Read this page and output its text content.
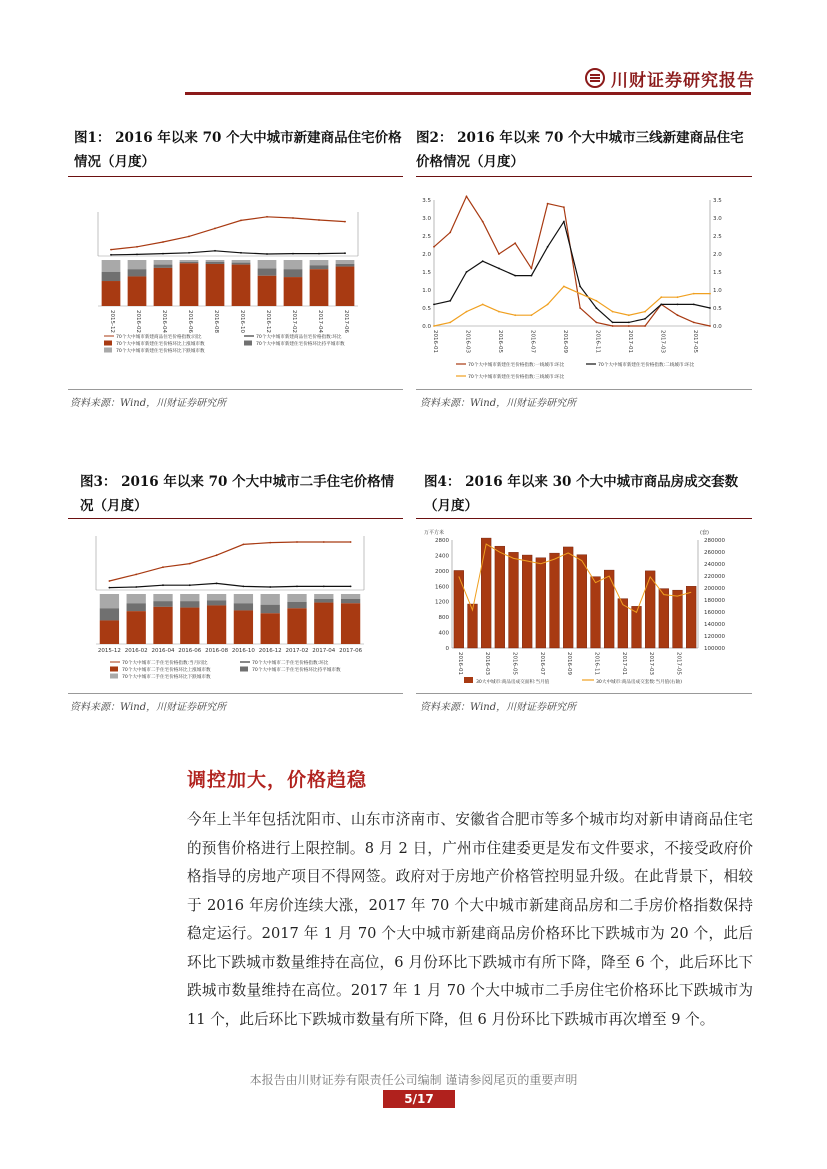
川财证券研究报告
图1： 2016 年以来 70 个大中城市新建商品住宅价格情况（月度）
2015-12	2016-02	2016-04	2016-06	2016-08	2016-10	2016-12	2017-02	2017-04	2017-06
70个大中城市新建商品住宅价格指数:同比	70个大中城市新建商品住宅价格指数:环比
70个大中城市新建住宅价格环比上涨城市数	70个大中城市新建住宅价格环比持平城市数
70个大中城市新建住宅价格环比下跌城市数
资料来源：Wind，川财证券研究所
图2： 2016 年以来 70 个大中城市三线新建商品住宅价格情况（月度）
0.0	0.0
0.5	0.5
1.0	1.0
1.5	1.5
2.0	2.0
2.5	2.5
3.0	3.0
3.5	3.5
2016-01	2016-03	2016-05	2016-07	2016-09	2016-11	2017-01	2017-03	2017-05
70个大中城市新建住宅价格指数:一线城市:环比	70个大中城市新建住宅价格指数:二线城市:环比
70个大中城市新建住宅价格指数:三线城市:环比
资料来源：Wind，川财证券研究所
图3： 2016 年以来 70 个大中城市二手住宅价格情况（月度）
2015-12 2016-02 2016-04 2016-06 2016-08 2016-10 2016-12 2017-02 2017-04 2017-06
70个大中城市二手住宅价格指数:当月同比	70个大中城市二手住宅价格指数:环比
70个大中城市二手住宅价格环比上涨城市数	70个大中城市二手住宅价格环比持平城市数
70个大中城市二手住宅价格环比下跌城市数
资料来源：Wind，川财证券研究所
图4： 2016 年以来 30 个大中城市商品房成交套数（月度）
万平方米	(套)
0
400
800
1200
1600
2000
2400
2800
100000
120000
140000
160000
180000
200000
220000
240000
260000
280000
2016-01	2016-03	2016-05	2016-07	2016-09	2016-11	2017-01	2017-03	2017-05
30大中城市:商品房成交面积:当月值	30大中城市:商品房成交套数:当月值(右轴)
资料来源：Wind，川财证券研究所
调控加大，价格趋稳
今年上半年包括沈阳市、山东市济南市、安徽省合肥市等多个城市均对新申请商品住宅的预售价格进行上限控制。8 月 2 日，广州市住建委更是发布文件要求，不接受政府价格指导的房地产项目不得网签。政府对于房地产价格管控明显升级。在此背景下，相较于 2016 年房价连续大涨，2017 年 70 个大中城市新建商品房和二手房价格指数保持稳定运行。2017 年 1 月 70 个大中城市新建商品房价格环比下跌城市为 20 个，此后环比下跌城市数量维持在高位，6 月份环比下跌城市有所下降，降至 6 个，此后环比下跌城市数量维持在高位。2017 年 1 月 70 个大中城市二手房住宅价格环比下跌城市为 11 个，此后环比下跌城市数量有所下降，但 6 月份环比下跌城市再次增至 9 个。
本报告由川财证券有限责任公司编制 谨请参阅尾页的重要声明
5/17
